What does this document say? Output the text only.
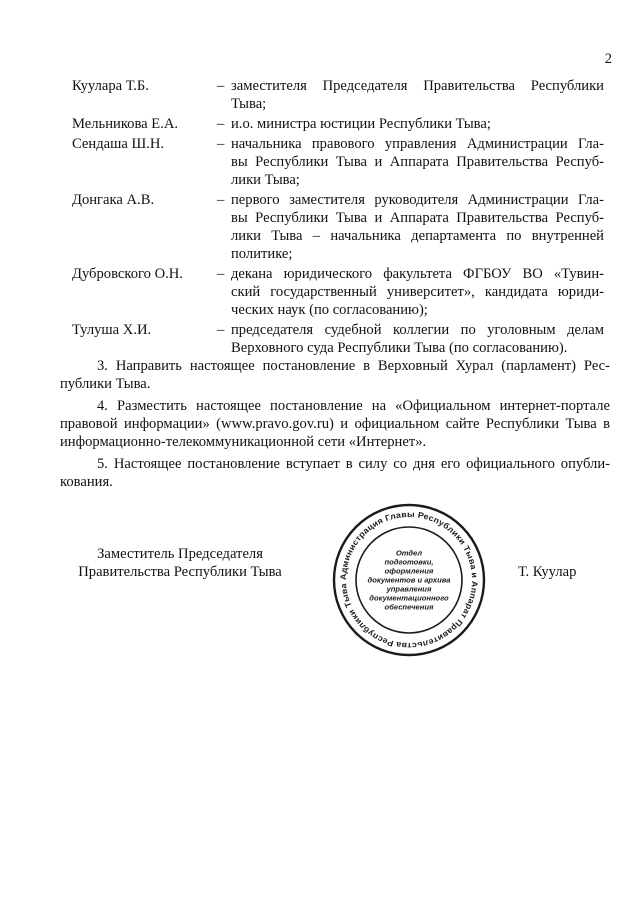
2
Куулара Т.Б.	– заместителя Председателя Правительства Республики
Тыва;
Мельникова Е.А.	– и.о. министра юстиции Республики Тыва;
Сендаша Ш.Н.	– начальника правового управления Администрации Гла-
вы Республики Тыва и Аппарата Правительства Респуб-
лики Тыва;
Донгака А.В.	– первого заместителя руководителя Администрации Гла-
вы Республики Тыва и Аппарата Правительства Респуб-
лики Тыва – начальника департамента по внутренней
политике;
Дубровского О.Н.	– декана юридического факультета ФГБОУ ВО «Тувин-
ский государственный университет», кандидата юриди-
ческих наук (по согласованию);
Тулуша Х.И.	– председателя судебной коллегии по уголовным делам
Верховного суда Республики Тыва (по согласованию).
3. Направить настоящее постановление в Верховный Хурал (парламент) Рес-
публики Тыва.
4. Разместить настоящее постановление на «Официальном интернет-портале
правовой информации» (www.pravo.gov.ru) и официальном сайте Республики Тыва в
информационно-телекоммуникационной сети «Интернет».
5. Настоящее постановление вступает в силу со дня его официального опубли-
кования.
Заместитель Председателя
Правительства Республики Тыва	Т. Куулар
Администрация Главы Республики Тыва и Аппарат Правительства Республики Тыва
Отдел
подготовки,
оформления
документов и архива
управления
документационного
обеспечения
